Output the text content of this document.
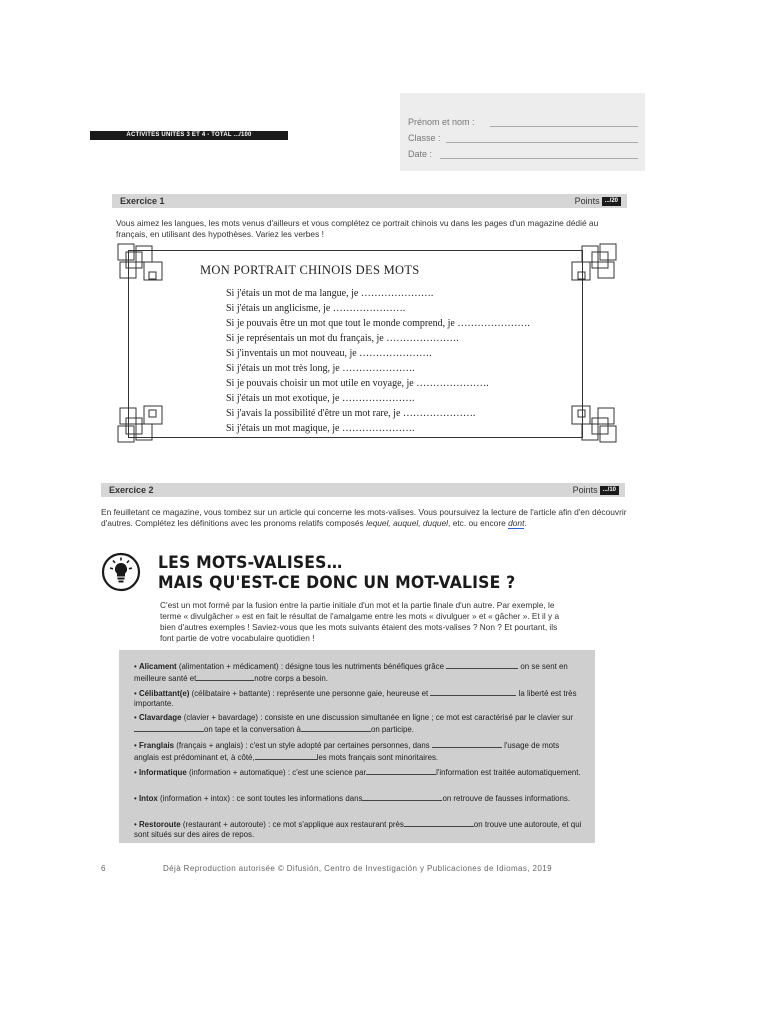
ACTIVITÉS UNITÉS 3 ET 4 - TOTAL .../100
Prénom et nom :
Classe :
Date :
Exercice 1	Points ...​/20
Vous aimez les langues, les mots venus d'ailleurs et vous complétez ce portrait chinois vu dans les pages d'un magazine dédié au français, en utilisant des hypothèses. Variez les verbes !
MON PORTRAIT CHINOIS DES MOTS
Si j'étais un mot de ma langue, je ………………….
Si j'étais un anglicisme, je ………………….
Si je pouvais être un mot que tout le monde comprend, je ………………….
Si je représentais un mot du français, je ………………….
Si j'inventais un mot nouveau, je ………………….
Si j'étais un mot très long, je ………………….
Si je pouvais choisir un mot utile en voyage, je ………………….
Si j'étais un mot exotique, je ………………….
Si j'avais la possibilité d'être un mot rare, je ………………….
Si j'étais un mot magique, je ………………….
Exercice 2	Points ...​/10
En feuilletant ce magazine, vous tombez sur un article qui concerne les mots-valises. Vous poursuivez la lecture de l'article afin d'en découvrir d'autres. Complétez les définitions avec les pronoms relatifs composés lequel, auquel, duquel, etc. ou encore dont.
LES MOTS-VALISES…
MAIS QU'EST-CE DONC UN MOT-VALISE ?
C'est un mot formé par la fusion entre la partie initiale d'un mot et la partie finale d'un autre. Par exemple, le terme « divulgâcher » est en fait le résultat de l'amalgame entre les mots « divulguer » et « gâcher ». Et il y a bien d'autres exemples ! Saviez-vous que les mots suivants étaient des mots-valises ? Non ? Et pourtant, ils font partie de votre vocabulaire quotidien !
• Alicament (alimentation + médicament) : désigne tous les nutriments bénéfiques grâce	on se sent en meilleure santé et	notre corps a besoin.
• Célibattant(e) (célibataire + battante) : représente une personne gaie, heureuse et	la liberté est très importante.
• Clavardage (clavier + bavardage) : consiste en une discussion simultanée en ligne ; ce mot est caractérisé par le clavier suron tape et la conversation à	on participe.
• Franglais (français + anglais) : c'est un style adopté par certaines personnes, dans	l'usage de mots anglais est prédominant et, à côté,	les mots français sont minoritaires.
• Informatique (information + automatique) : c'est une science par	l'information est traitée automatiquement.
• Intox (information + intox) : ce sont toutes les informations dans	on retrouve de fausses informations.
• Restoroute (restaurant + autoroute) : ce mot s'applique aux restaurant près	on trouve une autoroute, et qui sont situés sur des aires de repos.
6	Déjà Reproduction autorisée © Difusión, Centro de Investigación y Publicaciones de Idiomas, 2019
